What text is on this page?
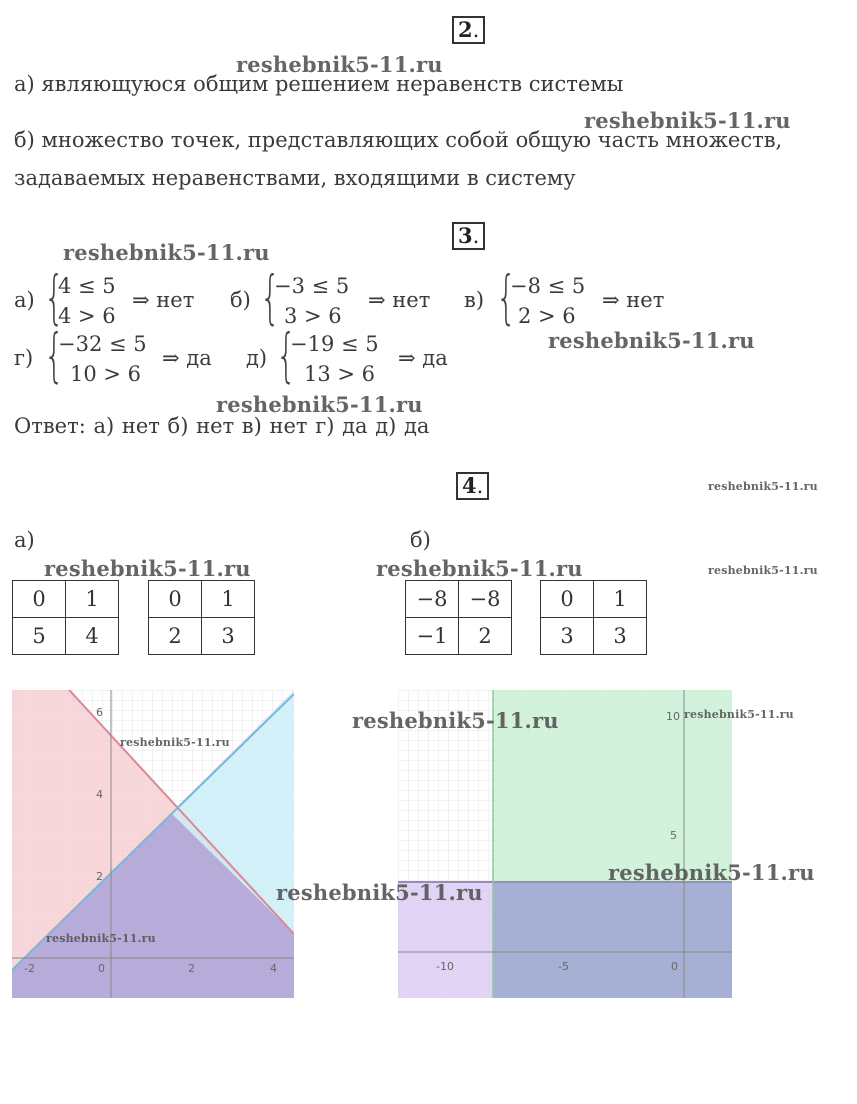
2.
reshebnik5-11.ru
а) являющуюся общим решением неравенств системы
reshebnik5-11.ru
б) множество точек, представляющих собой общую часть множеств,
задаваемых неравенствами, входящими в систему
3.
reshebnik5-11.ru
а) {
4 ≤ 5
4 > 6
⇒ нет б) {
−3 ≤ 5
3 > 6
⇒ нет в) {
−8 ≤ 5
2 > 6
⇒ нет
reshebnik5-11.ru
г) {
−32 ≤ 5
10 > 6
⇒ да д) {
−19 ≤ 5
13 > 6
⇒ да
reshebnik5-11.ru
Ответ: а) нет б) нет в) нет г) да д) да
4.	reshebnik5-11.ru
а)	б)
reshebnik5-11.ru	reshebnik5-11.ru	reshebnik5-11.ru
0	1
5	4
0	1
2	3
−8	−8
−1	2
0	1
3	3
-2	0	2	4
2
4
6
reshebnik5-11.ru
reshebnik5-11.ru
-10	-5	0
5
10
reshebnik5-11.ru	reshebnik5-11.ru
reshebnik5-11.ru
reshebnik5-11.ru
